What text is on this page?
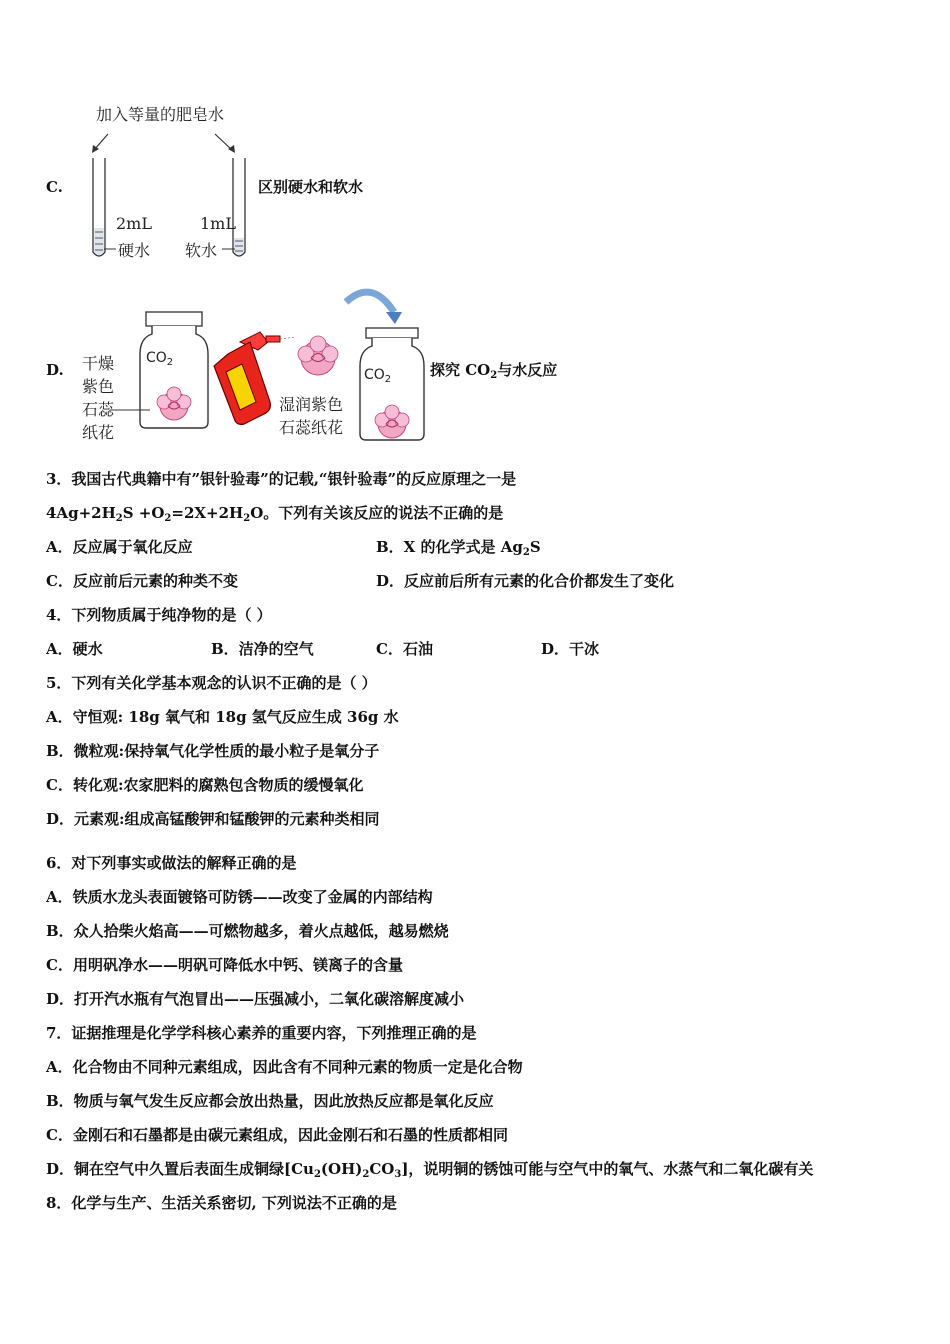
C.
加入等量的肥皂水
2mL
硬水
1mL
软水
区别硬水和软水
D. 干燥
紫色
石蕊
纸花
$CO_2$
$CO_2$
湿润紫色
石蕊纸花
探究 $CO_2$与水反应
3．我国古代典籍中有”银针验毒”的记载,“银针验毒”的反应原理之一是
$4Ag+2H_2S +O_2=2X+2H_2O$。下列有关该反应的说法不正确的是
A．反应属于氧化反应	B．X 的化学式是 $Ag_2S$
C．反应前后元素的种类不变	D．反应前后所有元素的化合价都发生了变化
4．下列物质属于纯净物的是（ ）
A．硬水	B．洁净的空气	C．石油	D．干冰
5．下列有关化学基本观念的认识不正确的是（ ）
A．守恒观: 18g 氧气和 18g 氢气反应生成 36g 水
B．微粒观:保持氧气化学性质的最小粒子是氧分子
C．转化观:农家肥料的腐熟包含物质的缓慢氧化
D．元素观:组成高锰酸钾和锰酸钾的元素种类相同
6．对下列事实或做法的解释正确的是
A．铁质水龙头表面镀铬可防锈——改变了金属的内部结构
B．众人拾柴火焰高——可燃物越多，着火点越低，越易燃烧
C．用明矾净水——明矾可降低水中钙、镁离子的含量
D．打开汽水瓶有气泡冒出——压强减小，二氧化碳溶解度减小
7．证据推理是化学学科核心素养的重要内容，下列推理正确的是
A．化合物由不同种元素组成，因此含有不同种元素的物质一定是化合物
B．物质与氧气发生反应都会放出热量，因此放热反应都是氧化反应
C．金刚石和石墨都是由碳元素组成，因此金刚石和石墨的性质都相同
D．铜在空气中久置后表面生成铜绿$[Cu_2(OH)_2CO_3]$，说明铜的锈蚀可能与空气中的氧气、水蒸气和二氧化碳有关
8．化学与生产、生活关系密切, 下列说法不正确的是
